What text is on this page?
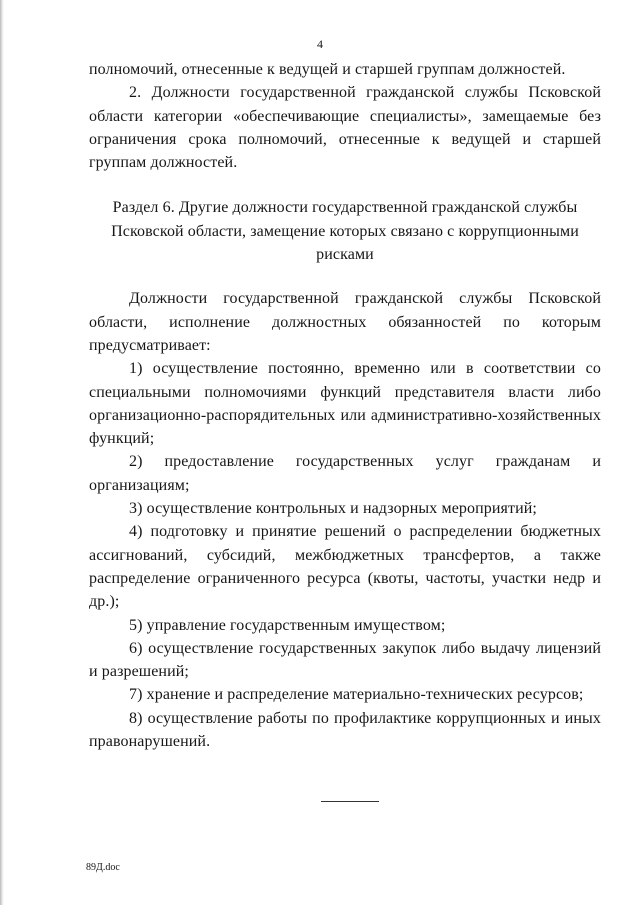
4

полномочий, отнесенные к ведущей и старшей группам должностей.

2. Должности государственной гражданской службы Псковской области категории «обеспечивающие специалисты», замещаемые без ограничения срока полномочий, отнесенные к ведущей и старшей группам должностей.

Раздел 6. Другие должности государственной гражданской службы Псковской области, замещение которых связано с коррупционными рисками

Должности государственной гражданской службы Псковской области, исполнение должностных обязанностей по которым предусматривает:

1) осуществление постоянно, временно или в соответствии со специальными полномочиями функций представителя власти либо организационно-распорядительных или административно-хозяйственных функций;

2) предоставление государственных услуг гражданам и организациям;

3) осуществление контрольных и надзорных мероприятий;

4) подготовку и принятие решений о распределении бюджетных ассигнований, субсидий, межбюджетных трансфертов, а также распределение ограниченного ресурса (квоты, частоты, участки недр и др.);

5) управление государственным имуществом;

6) осуществление государственных закупок либо выдачу лицензий и разрешений;

7) хранение и распределение материально-технических ресурсов;

8) осуществление работы по профилактике коррупционных и иных правонарушений.

89Д.doc
